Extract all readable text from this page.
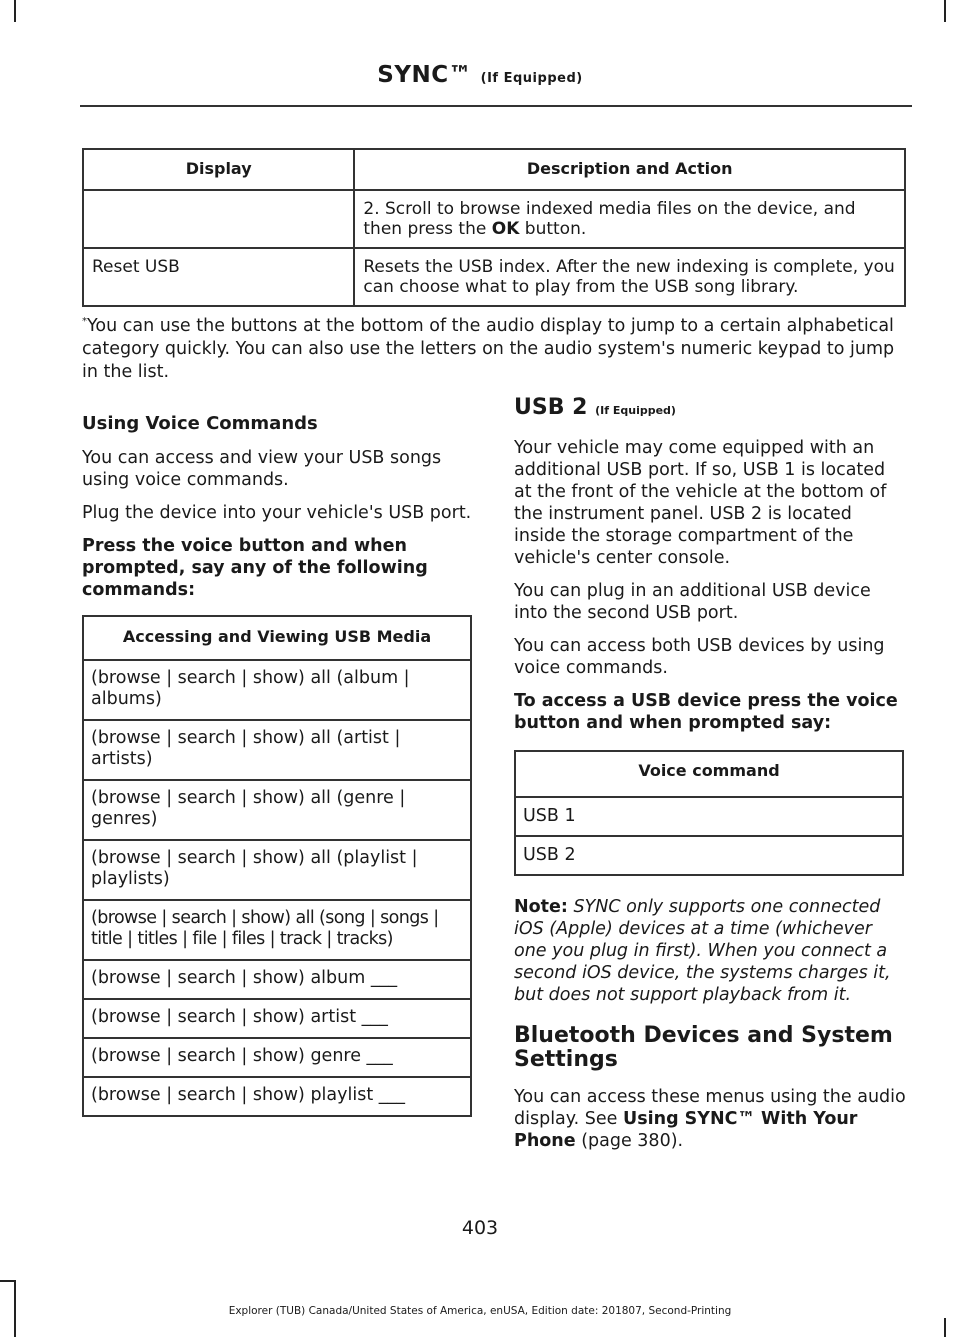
SYNC™ (If Equipped)
Display	Description and Action
	2. Scroll to browse indexed media files on the device, and then press the OK button.
Reset USB	Resets the USB index. After the new indexing is complete, you can choose what to play from the USB song library.
*You can use the buttons at the bottom of the audio display to jump to a certain alphabetical category quickly. You can also use the letters on the audio system's numeric keypad to jump in the list.
Using Voice Commands

You can access and view your USB songs using voice commands.

Plug the device into your vehicle's USB port.

Press the voice button and when prompted, say any of the following commands:

Accessing and Viewing USB Media
(browse | search | show) all (album | albums)
(browse | search | show) all (artist | artists)
(browse | search | show) all (genre | genres)
(browse | search | show) all (playlist | playlists)
(browse | search | show) all (song | songs | title | titles | file | files | track | tracks)
(browse | search | show) album ___
(browse | search | show) artist ___
(browse | search | show) genre ___
(browse | search | show) playlist ___
USB 2 (If Equipped)

Your vehicle may come equipped with an additional USB port. If so, USB 1 is located at the front of the vehicle at the bottom of the instrument panel. USB 2 is located inside the storage compartment of the vehicle's center console.

You can plug in an additional USB device into the second USB port.

You can access both USB devices by using voice commands.

To access a USB device press the voice button and when prompted say:

Voice command
USB 1
USB 2

Note: SYNC only supports one connected iOS (Apple) devices at a time (whichever one you plug in first). When you connect a second iOS device, the systems charges it, but does not support playback from it.

Bluetooth Devices and System Settings

You can access these menus using the audio display. See Using SYNC™ With Your Phone (page 380).

403
Explorer (TUB) Canada/United States of America, enUSA, Edition date: 201807, Second-Printing
